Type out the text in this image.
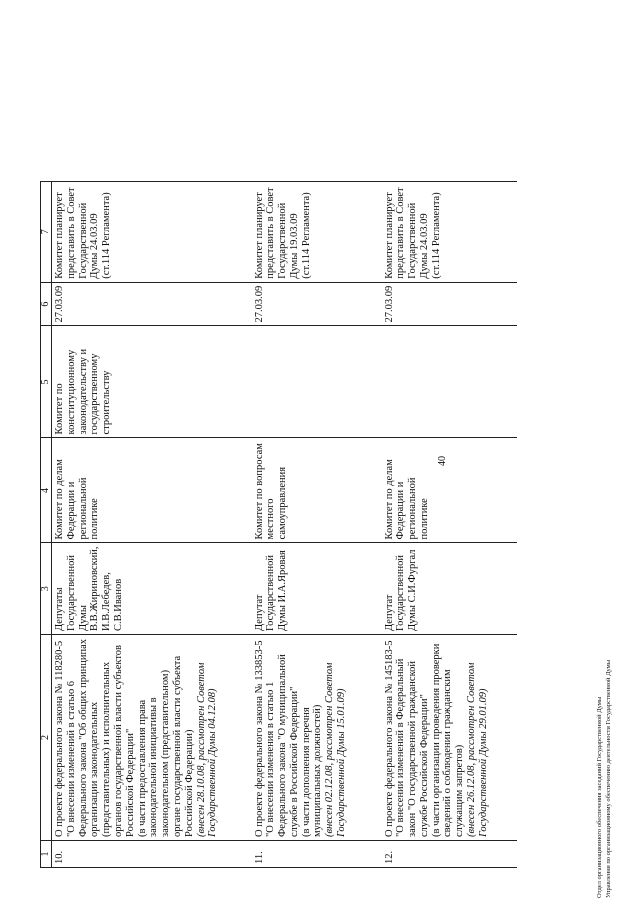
40
1	2	3	4	5	6	7
10.	О проекте федерального закона № 118280-5 "О внесении изменений в статью 6 Федерального закона "Об общих принципах организации законодательных (представительных) и исполнительных органов государственной власти субъектов Российской Федерации" (в части предоставления права законодательной инициативы в законодательном (представительном) органе государственной власти субъекта Российской Федерации) (внесен 28.10.08, рассмотрен Советом Государственной Думы 04.12.08)	Депутаты Государственной Думы В.В.Жириновский, И.В.Лебедев, С.В.Иванов	Комитет по делам Федерации и региональной политике	Комитет по конституционному законодательству и государственному строительству	27.03.09	Комитет планирует представить в Совет Государственной Думы 24.03.09 (ст.114 Регламента)
11.	О проекте федерального закона № 133853-5 "О внесении изменения в статью 1 Федерального закона "О муниципальной службе в Российской Федерации" (в части дополнения перечня муниципальных должностей) (внесен 02.12.08, рассмотрен Советом Государственной Думы 15.01.09)	Депутат Государственной Думы И.А.Яровая	Комитет по вопросам местного самоуправления		27.03.09	Комитет планирует представить в Совет Государственной Думы 19.03.09 (ст.114 Регламента)
12.	О проекте федерального закона № 145183-5 "О внесении изменений в Федеральный закон "О государственной гражданской службе Российской Федерации" (в части организации проведения проверки сведений о соблюдении гражданским служащим запретов) (внесен 26.12.08, рассмотрен Советом Государственной Думы 29.01.09)	Депутат Государственной Думы С.И.Фургал	Комитет по делам Федерации и региональной политике		27.03.09	Комитет планирует представить в Совет Государственной Думы 24.03.09 (ст.114 Регламента)
Отдел организационного обеспечения заседаний Государственной Думы Управления по организационному обеспечению деятельности Государственной Думы
